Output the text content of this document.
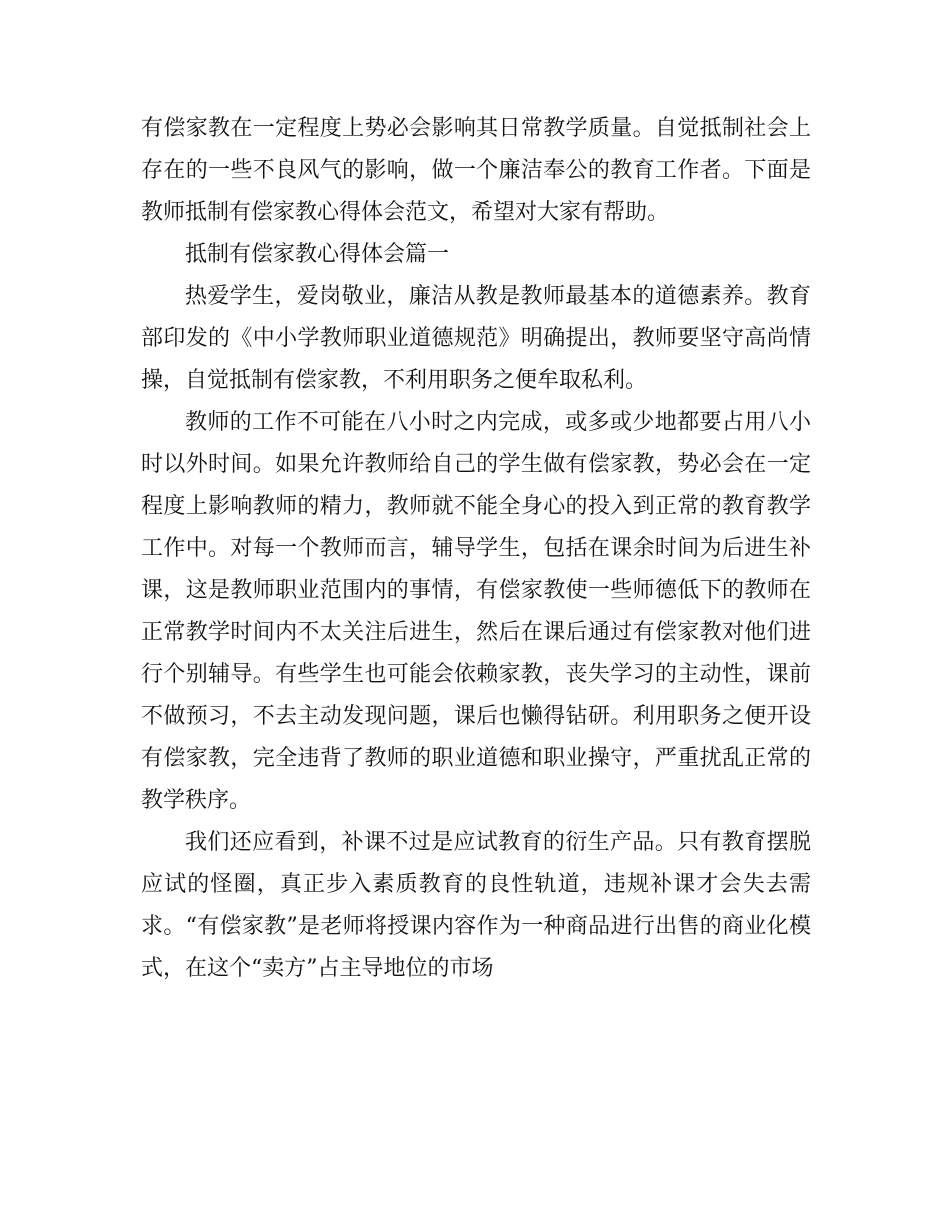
有偿家教在一定程度上势必会影响其日常教学质量。自觉抵制社会上存在的一些不良风气的影响，做一个廉洁奉公的教育工作者。下面是教师抵制有偿家教心得体会范文，希望对大家有帮助。

抵制有偿家教心得体会篇一

热爱学生，爱岗敬业，廉洁从教是教师最基本的道德素养。教育部印发的《中小学教师职业道德规范》明确提出，教师要坚守高尚情操，自觉抵制有偿家教，不利用职务之便牟取私利。

教师的工作不可能在八小时之内完成，或多或少地都要占用八小时以外时间。如果允许教师给自己的学生做有偿家教，势必会在一定程度上影响教师的精力，教师就不能全身心的投入到正常的教育教学工作中。对每一个教师而言，辅导学生，包括在课余时间为后进生补课，这是教师职业范围内的事情，有偿家教使一些师德低下的教师在正常教学时间内不太关注后进生，然后在课后通过有偿家教对他们进行个别辅导。有些学生也可能会依赖家教，丧失学习的主动性，课前不做预习，不去主动发现问题，课后也懒得钻研。利用职务之便开设有偿家教，完全违背了教师的职业道德和职业操守，严重扰乱正常的教学秩序。

我们还应看到，补课不过是应试教育的衍生产品。只有教育摆脱应试的怪圈，真正步入素质教育的良性轨道，违规补课才会失去需求。“有偿家教”是老师将授课内容作为一种商品进行出售的商业化模式，在这个“卖方”占主导地位的市场
